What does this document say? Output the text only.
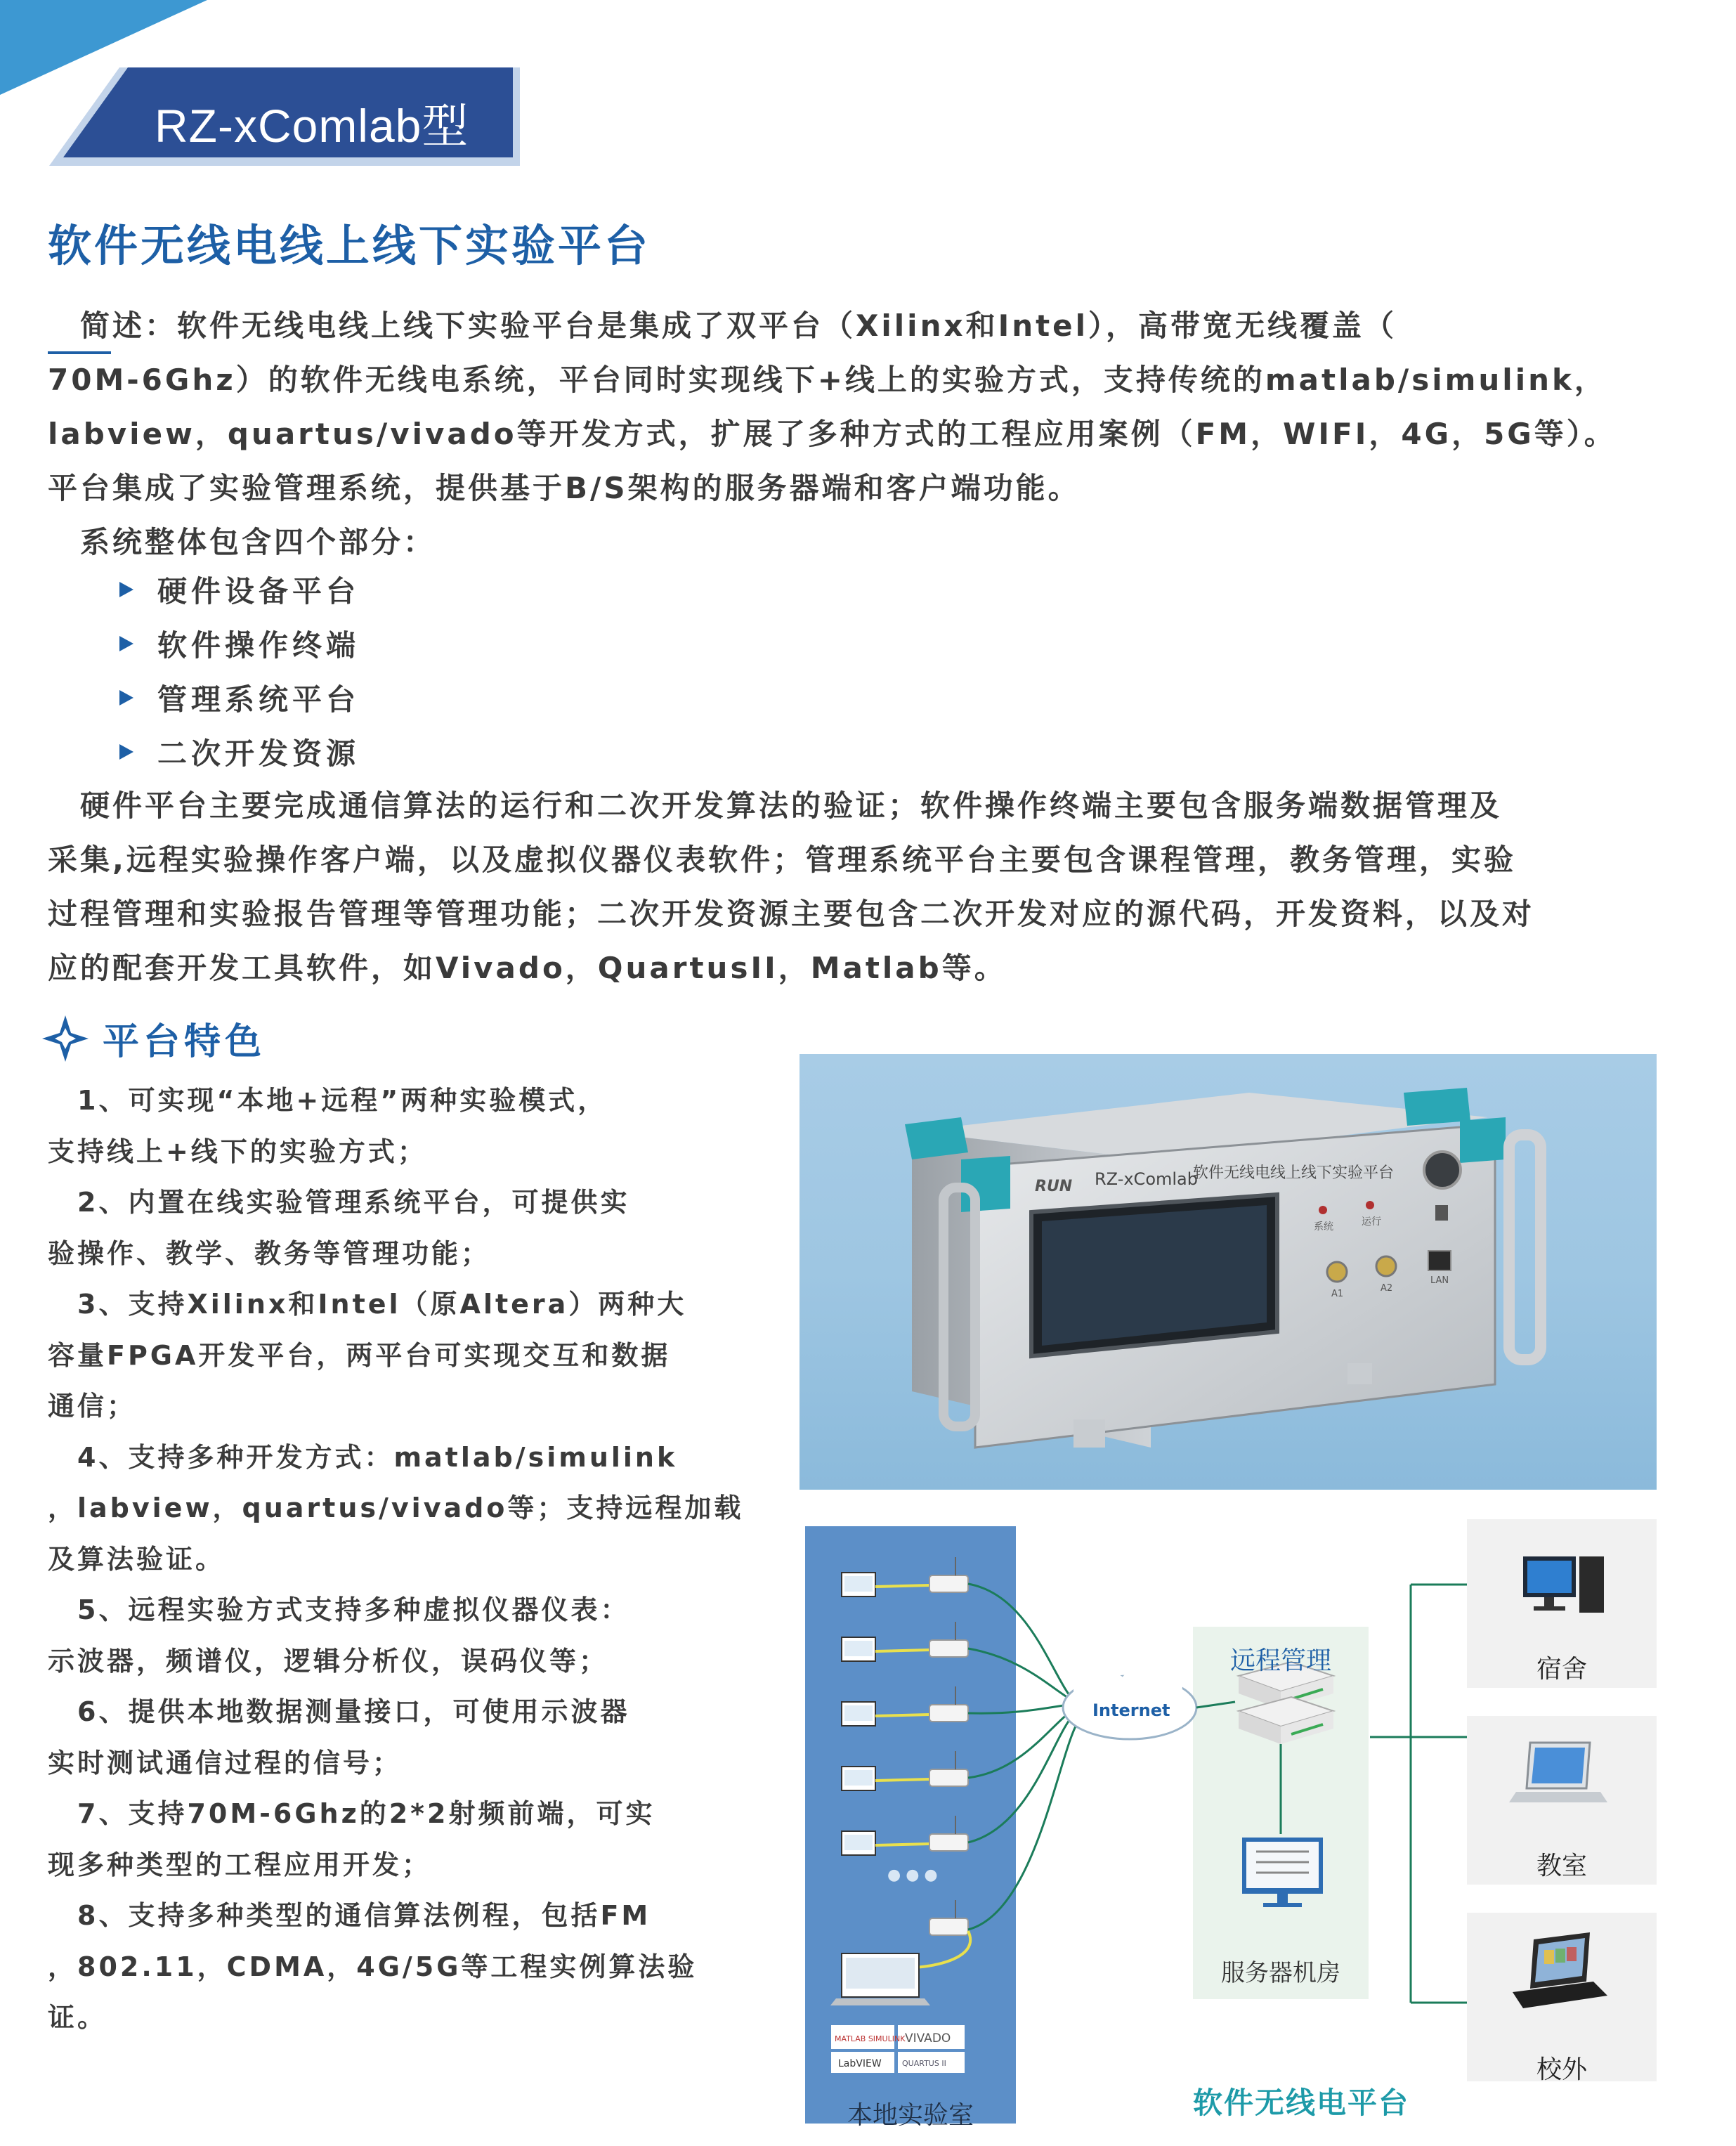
RZ-xComlab型
软件无线电线上线下实验平台
　简述：软件无线电线上线下实验平台是集成了双平台（Xilinx和Intel），高带宽无线覆盖（
70M-6Ghz）的软件无线电系统，平台同时实现线下+线上的实验方式，支持传统的matlab/simulink，
labview，quartus/vivado等开发方式，扩展了多种方式的工程应用案例（FM，WIFI，4G，5G等）。
平台集成了实验管理系统，提供基于B/S架构的服务器端和客户端功能。
　系统整体包含四个部分：
硬件设备平台
软件操作终端
管理系统平台
二次开发资源
　硬件平台主要完成通信算法的运行和二次开发算法的验证；软件操作终端主要包含服务端数据管理及
采集,远程实验操作客户端，以及虚拟仪器仪表软件；管理系统平台主要包含课程管理，教务管理，实验
过程管理和实验报告管理等管理功能；二次开发资源主要包含二次开发对应的源代码，开发资料，以及对
应的配套开发工具软件，如Vivado，QuartusII，Matlab等。
平台特色
　1、可实现“本地+远程”两种实验模式，
支持线上+线下的实验方式；
　2、内置在线实验管理系统平台，可提供实
验操作、教学、教务等管理功能；
　3、支持Xilinx和Intel（原Altera）两种大
容量FPGA开发平台，两平台可实现交互和数据
通信；
　4、支持多种开发方式：matlab/simulink
，labview，quartus/vivado等；支持远程加载
及算法验证。
　5、远程实验方式支持多种虚拟仪器仪表：
示波器，频谱仪，逻辑分析仪，误码仪等；
　6、提供本地数据测量接口，可使用示波器
实时测试通信过程的信号；
　7、支持70M-6Ghz的2*2射频前端，可实
现多种类型的工程应用开发；
　8、支持多种类型的通信算法例程，包括FM
，802.11，CDMA，4G/5G等工程实例算法验
证。
RUN RZ-xComlab
软件无线电线上线下实验平台
系统	运行
A1
A2
LAN
宿舍
教室
校外
● ● ●
MATLAB SIMULINK VIVADO
LabVIEW	QUARTUS II
Internet
远程管理
服务器机房
本地实验室	软件无线电平台
